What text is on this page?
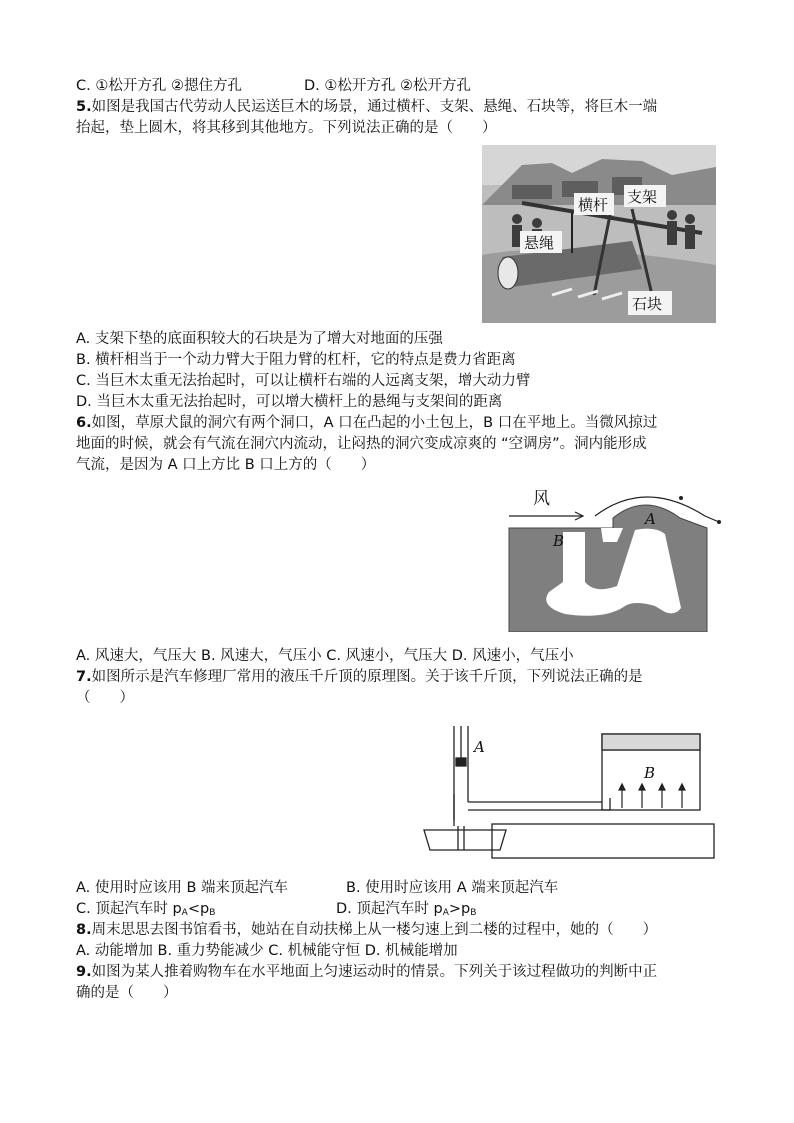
C. ①松开方孔 ②摁住方孔	D. ①松开方孔 ②松开方孔
5.如图是我国古代劳动人民运送巨木的场景，通过横杆、支架、悬绳、石块等，将巨木一端
抬起，垫上圆木，将其移到其他地方。下列说法正确的是（　　）
横杆 支架
悬绳
石块
A. 支架下垫的底面积较大的石块是为了增大对地面的压强
B. 横杆相当于一个动力臂大于阻力臂的杠杆，它的特点是费力省距离
C. 当巨木太重无法抬起时，可以让横杆右端的人远离支架，增大动力臂
D. 当巨木太重无法抬起时，可以增大横杆上的悬绳与支架间的距离
6.如图，草原犬鼠的洞穴有两个洞口，A 口在凸起的小土包上，B 口在平地上。当微风掠过
地面的时候，就会有气流在洞穴内流动，让闷热的洞穴变成凉爽的 “空调房”。洞内能形成
气流，是因为 A 口上方比 B 口上方的（　　）
风
A
B
A. 风速大，气压大 B. 风速大，气压小 C. 风速小，气压大 D. 风速小，气压小
7.如图所示是汽车修理厂常用的液压千斤顶的原理图。关于该千斤顶，下列说法正确的是
（　　）
A
B
A. 使用时应该用 B 端来顶起汽车	B. 使用时应该用 A 端来顶起汽车
C. 顶起汽车时 $p_A<p_B$	D. 顶起汽车时 $p_A>p_B$
8.周末思思去图书馆看书，她站在自动扶梯上从一楼匀速上到二楼的过程中，她的（　　）
A. 动能增加 B. 重力势能减少 C. 机械能守恒 D. 机械能增加
9.如图为某人推着购物车在水平地面上匀速运动时的情景。下列关于该过程做功的判断中正
确的是（　　）
